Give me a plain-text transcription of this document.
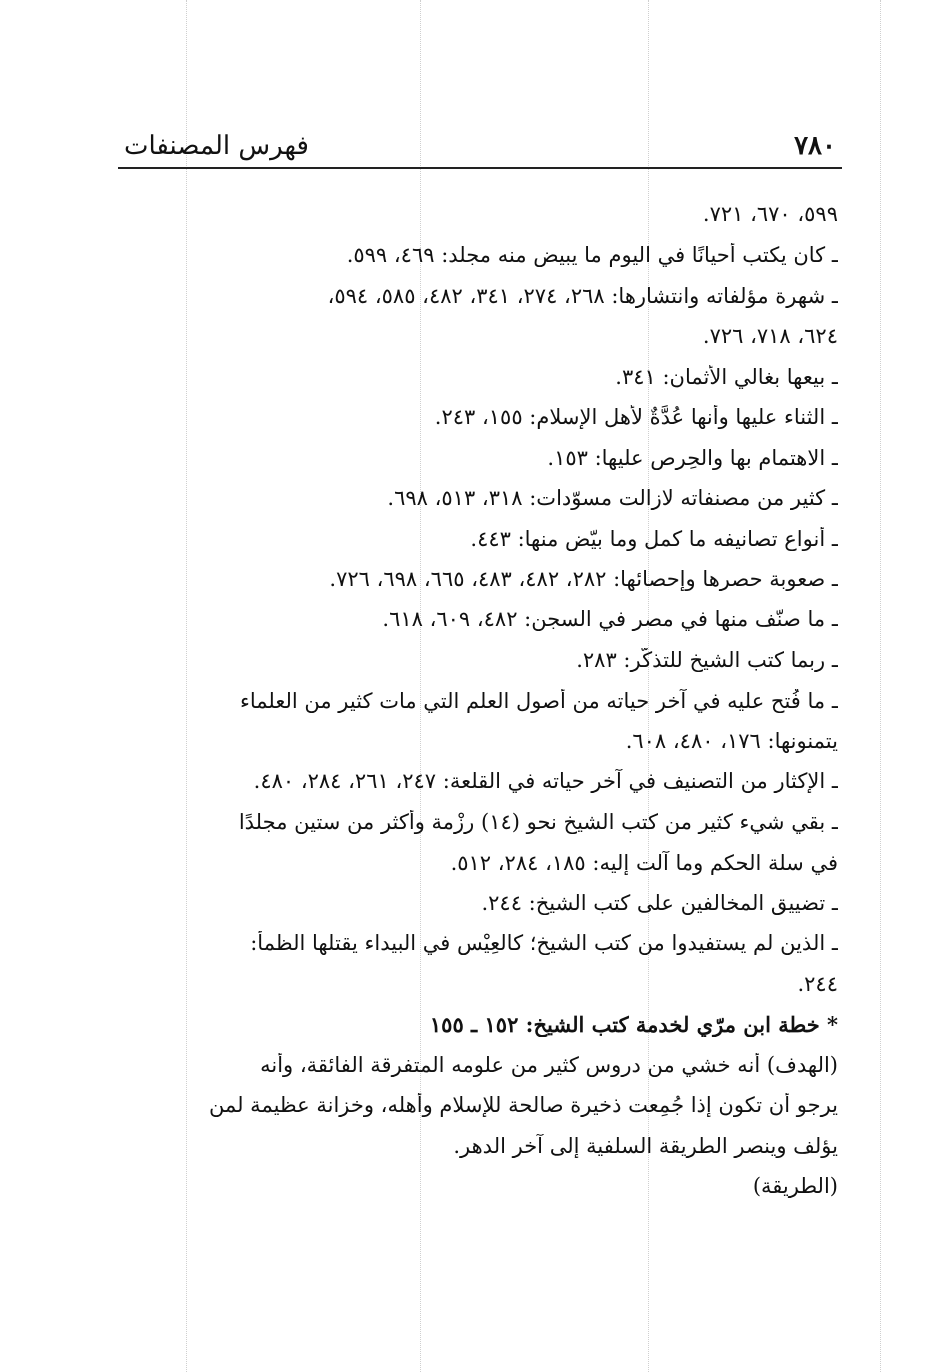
فهرس المصنفات	٧٨٠
٥٩٩، ٦٧٠، ٧٢١.
ـ كان يكتب أحيانًا في اليوم ما يبيض منه مجلد: ٤٦٩، ٥٩٩.
ـ شهرة مؤلفاته وانتشارها: ٢٦٨، ٢٧٤، ٣٤١، ٤٨٢، ٥٨٥، ٥٩٤،
٦٢٤، ٧١٨، ٧٢٦.
ـ بيعها بغالي الأثمان: ٣٤١.
ـ الثناء عليها وأنها عُدَّةٌ لأهل الإسلام: ١٥٥، ٢٤٣.
ـ الاهتمام بها والحِرص عليها: ١٥٣.
ـ كثير من مصنفاته لازالت مسوّدات: ٣١٨، ٥١٣، ٦٩٨.
ـ أنواع تصانيفه ما كمل وما بيّض منها: ٤٤٣.
ـ صعوبة حصرها وإحصائها: ٢٨٢، ٤٨٢، ٤٨٣، ٦٦٥، ٦٩٨، ٧٢٦.
ـ ما صنّف منها في مصر في السجن: ٤٨٢، ٦٠٩، ٦١٨.
ـ ربما كتب الشيخ للتذكُّر: ٢٨٣.
ـ ما فُتح عليه في آخر حياته من أُصول العلم التي مات كثير من العلماء
يتمنونها: ١٧٦، ٤٨٠، ٦٠٨.
ـ الإكثار من التصنيف في آخر حياته في القلعة: ٢٤٧، ٢٦١، ٢٨٤، ٤٨٠.
ـ بقي شيء كثير من كتب الشيخ نحو (١٤) رِزْمة وأكثر من ستين مجلدًا
في سلة الحكم وما آلت إليه: ١٨٥، ٢٨٤، ٥١٢.
ـ تضييق المخالفين على كتب الشيخ: ٢٤٤.
ـ الذين لم يستفيدوا من كتب الشيخ؛ كالعِيْس في البيداء يقتلها الظمأ:
٢٤٤.
* خطة ابن مرّي لخدمة كتب الشيخ: ١٥٢ ـ ١٥٥
(الهدف) أنه خشي من دروس كثير من علومه المتفرقة الفائقة، وأنه
يرجو أن تكون إذا جُمِعت ذخيرة صالحة للإسلام وأهله، وخزانة عظيمة لمن
يؤلف وينصر الطريقة السلفية إلى آخر الدهر.
(الطريقة)
